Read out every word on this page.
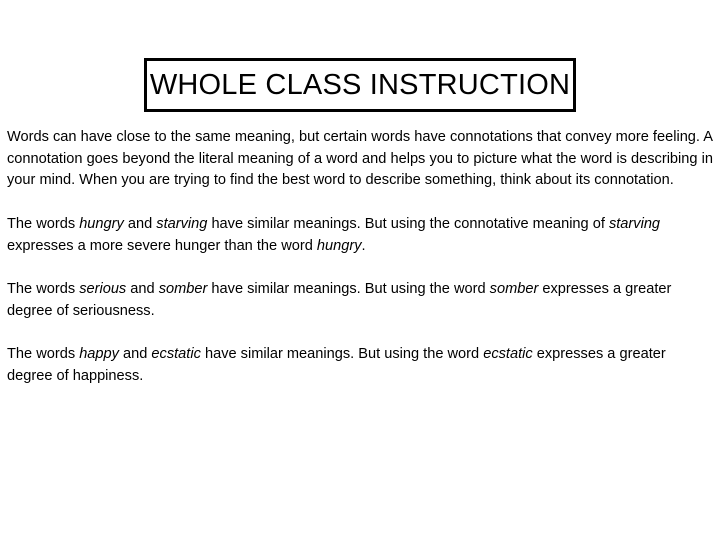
WHOLE CLASS INSTRUCTION

Words can have close to the same meaning, but certain words have connotations that convey more feeling. A connotation goes beyond the literal meaning of a word and helps you to picture what the word is describing in your mind. When you are trying to find the best word to describe something, think about its connotation.

The words hungry and starving have similar meanings. But using the connotative meaning of starving expresses a more severe hunger than the word hungry.

The words serious and somber have similar meanings. But using the word somber expresses a greater degree of seriousness.

The words happy and ecstatic have similar meanings. But using the word ecstatic expresses a greater degree of happiness.
